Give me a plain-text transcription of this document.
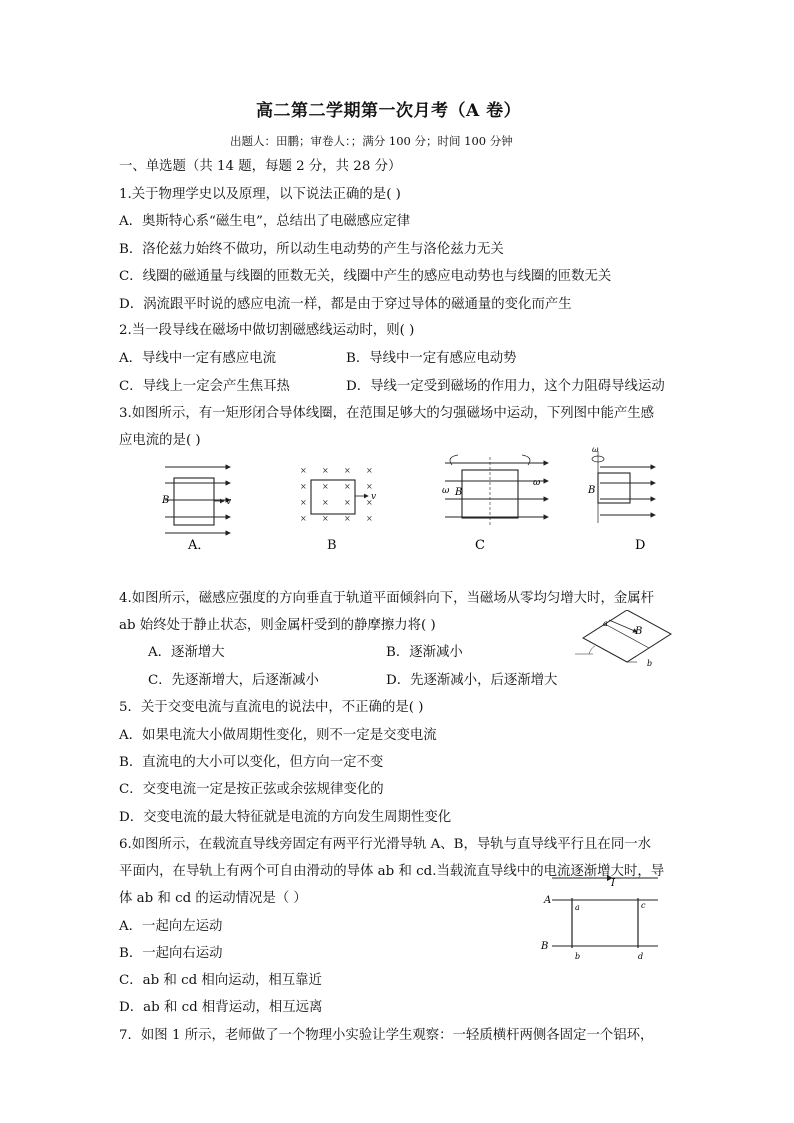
高二第二学期第一次月考（A 卷）
出题人：田鹏；审卷人：；满分 100 分；时间 100 分钟
一、单选题（共 14 题，每题 2 分，共 28 分）
1.关于物理学史以及原理，以下说法正确的是( )
A．奥斯特心系“磁生电”，总结出了电磁感应定律
B．洛伦兹力始终不做功，所以动生电动势的产生与洛伦兹力无关
C．线圈的磁通量与线圈的匝数无关，线圈中产生的感应电动势也与线圈的匝数无关
D．涡流跟平时说的感应电流一样，都是由于穿过导体的磁通量的变化而产生
2.当一段导线在磁场中做切割磁感线运动时，则( )
A．导线中一定有感应电流	B．导线中一定有感应电动势
C．导线上一定会产生焦耳热	D．导线一定受到磁场的作用力，这个力阻碍导线运动
3.如图所示，有一矩形闭合导体线圈，在范围足够大的匀强磁场中运动，下列图中能产生感
应电流的是( )
B	v
A．
× × × ×
× × × ×
× × × ×
× × × ×
v
B
ω
ω
B
C
ω
B
D
4.如图所示，磁感应强度的方向垂直于轨道平面倾斜向下，当磁场从零均匀增大时，金属杆
ab 始终处于静止状态，则金属杆受到的静摩擦力将( )
A．逐渐增大	B．逐渐减小
C．先逐渐增大，后逐渐减小	D．先逐渐减小，后逐渐增大
a
b
B
5．关于交变电流与直流电的说法中，不正确的是( )
A．如果电流大小做周期性变化，则不一定是交变电流
B．直流电的大小可以变化，但方向一定不变
C．交变电流一定是按正弦或余弦规律变化的
D．交变电流的最大特征就是电流的方向发生周期性变化
6.如图所示，在载流直导线旁固定有两平行光滑导轨 A、B，导轨与直导线平行且在同一水
平面内，在导轨上有两个可自由滑动的导体 ab 和 cd.当载流直导线中的电流逐渐增大时，导
体 ab 和 cd 的运动情况是（ ）
A．一起向左运动
B．一起向右运动
C．ab 和 cd 相向运动，相互靠近
D．ab 和 cd 相背运动，相互远离
I
A
B
a
b
c
d
7．如图 1 所示，老师做了一个物理小实验让学生观察：一轻质横杆两侧各固定一个铝环，
